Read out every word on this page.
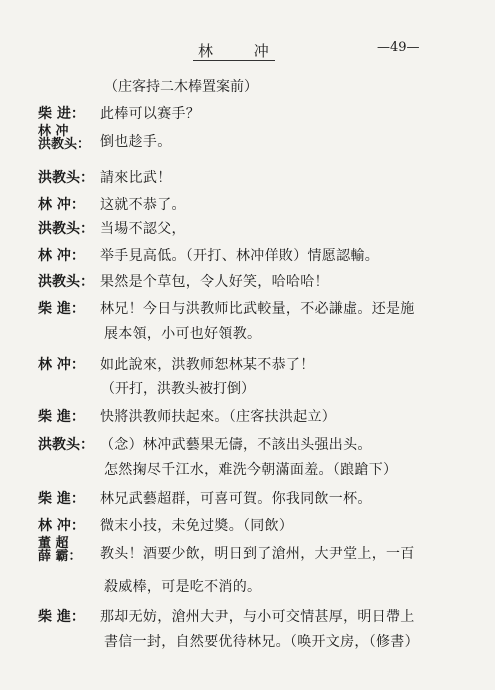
林 冲	—49—
（庄客持二木棒置案前）
柴 进： 此棒可以赛手？
林 冲
洪教头： 倒也趁手。
洪教头： 請來比武！
林 冲： 这就不恭了。
洪教头： 当場不認父，
林 冲： 举手見高低。（开打、林冲佯敗）情愿認輸。
洪教头： 果然是个草包，令人好笑，哈哈哈！
柴 進： 林兄！今日与洪教师比武較量，不必謙虛。还是施
展本領，小可也好領教。
林 冲： 如此說來，洪教师恕林某不恭了！
（开打，洪教头被打倒）
柴 進： 快將洪教师扶起來。（庄客扶洪起立）
洪教头： （念）林冲武藝果无儔，不該出头强出头。
怎然掬尽千江水，难洗今朝滿面羞。（踉蹌下）
柴 進： 林兄武藝超群，可喜可賀。你我同飲一杯。
林 冲： 微末小技，未免过奬。（同飲）
董 超
薛 霸： 教头！酒要少飲，明日到了滄州，大尹堂上，一百
殺威棒，可是吃不消的。
柴 進： 那却无妨，滄州大尹，与小可交情甚厚，明日帶上
書信一封，自然要优待林兄。（唤开文房，（修書）
